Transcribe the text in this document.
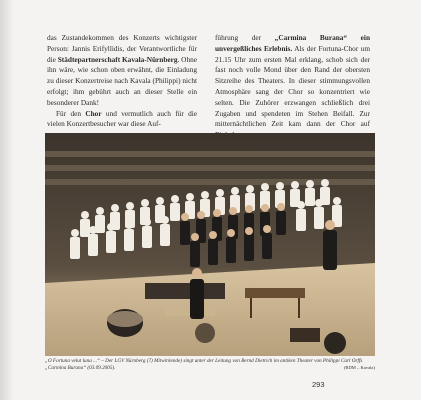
das Zustandekommen des Konzerts wichtigster Person: Jannis Erifyllidis, der Verantwortliche für die Städtepartnerschaft Kavala-Nürnberg. Ohne ihn wäre, wie schon oben erwähnt, die Einladung zu dieser Konzertreise nach Kavala (Philippi) nicht erfolgt; ihm gebührt auch an dieser Stelle ein besonderer Dank!

Für den Chor und vermutlich auch für die vielen Konzertbesucher war diese Auf-

führung der „Carmina Burana“ ein unvergeßliches Erlebnis. Als der Fortuna-Chor um 21.15 Uhr zum ersten Mal erklang, schob sich der fast noch volle Mond über den Rand der obersten Sitzreihe des Theaters. In dieser stimmungsvollen Atmosphäre sang der Chor so konzentriert wie selten. Die Zuhörer erzwangen schließlich drei Zugaben und spendeten im Stehen Beifall. Zur mitternächtlichen Zeit kam dann der Chor auf

„O Fortuna velut luna ...“ – Der LGV Nürnberg (7) Mitwirkende) singt unter der Leitung von Bernd Dietrich im antiken Theater von Philippi Carl Orffs „Carmina Burana“ (03.09.2005).	(BDM – Kavala)
293
